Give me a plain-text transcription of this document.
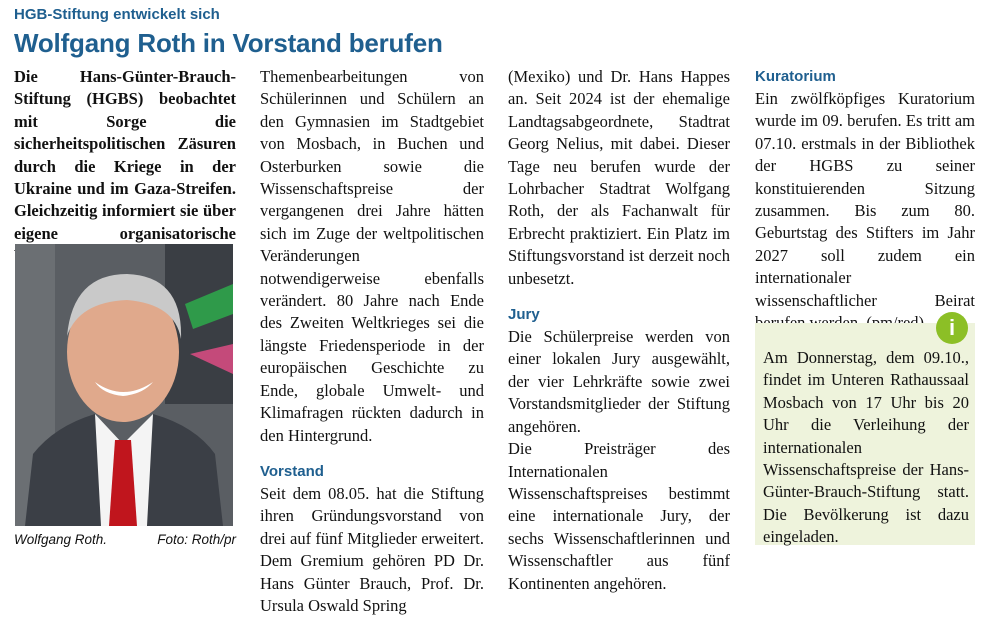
HGB-Stiftung entwickelt sich
Wolfgang Roth in Vorstand berufen

Die Hans-Günter-Brauch-Stiftung (HGBS) beobachtet mit Sorge die sicherheitspolitischen Zäsuren durch die Kriege in der Ukraine und im Gaza-Streifen. Gleichzeitig informiert sie über eigene organisatorische

Wolfgang Roth.	Foto: Roth/pr

Themenbearbeitungen von Schülerinnen und Schülern an den Gymnasien im Stadtgebiet von Mosbach, in Buchen und Osterburken sowie die Wissenschaftspreise der vergangenen drei Jahre hätten sich im Zuge der weltpolitischen Veränderungen notwendigerweise ebenfalls verändert. 80 Jahre nach Ende des Zweiten Weltkrieges sei die längste Friedensperiode in der europäischen Geschichte zu Ende, globale Umwelt- und Klimafragen rückten dadurch in den Hintergrund.

Vorstand

Seit dem 08.05. hat die Stiftung ihren Gründungsvorstand von drei auf fünf Mitglieder erweitert. Dem Gremium gehören PD Dr. Hans Günter Brauch, Prof. Dr. Ursula Oswald Spring

(Mexiko) und Dr. Hans Happes an. Seit 2024 ist der ehemalige Landtagsabgeordnete, Stadtrat Georg Nelius, mit dabei. Dieser Tage neu berufen wurde der Lohrbacher Stadtrat Wolfgang Roth, der als Fachanwalt für Erbrecht praktiziert. Ein Platz im Stiftungsvorstand ist derzeit noch unbesetzt.

Jury

Die Schülerpreise werden von einer lokalen Jury ausgewählt, der vier Lehrkräfte sowie zwei Vorstandsmitglieder der Stiftung angehören.

Die Preisträger des Internationalen Wissenschaftspreises bestimmt eine internationale Jury, der sechs Wissenschaftlerinnen und Wissenschaftler aus fünf Kontinenten angehören.

Kuratorium

Ein zwölfköpfiges Kuratorium wurde im 09. berufen. Es tritt am 07.10. erstmals in der Bibliothek der HGBS zu seiner konstituierenden Sitzung zusammen. Bis zum 80. Geburtstag des Stifters im Jahr 2027 soll zudem ein internationaler wissenschaftlicher Beirat

i
Am Donnerstag, dem 09.10., findet im Unteren Rathaussaal Mosbach von 17 Uhr bis 20 Uhr die Verleihung der internationalen Wissenschaftspreise der Hans-Günter-Brauch-Stiftung statt. Die Bevölkerung ist dazu eingeladen.
